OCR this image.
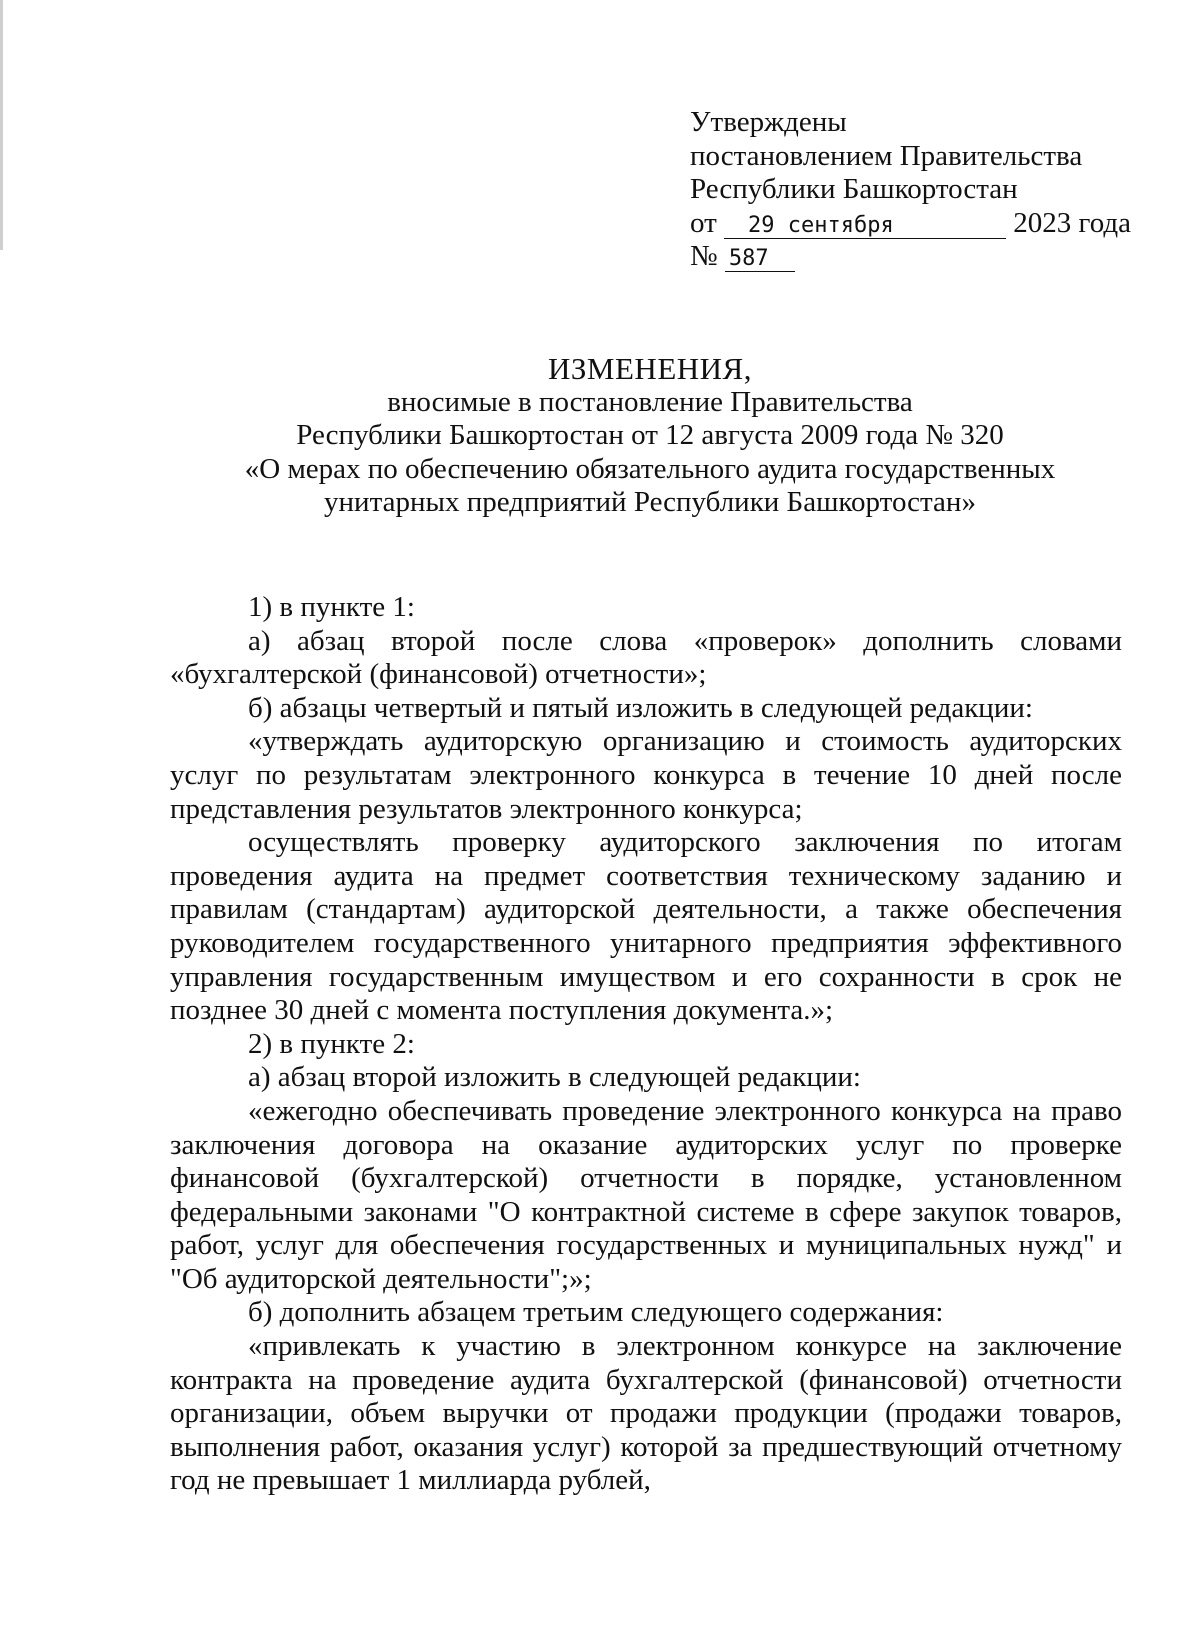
Утверждены
постановлением Правительства
Республики Башкортостан
от 29 сентября	2023 года
№ 587
ИЗМЕНЕНИЯ,
вносимые в постановление Правительства
Республики Башкортостан от 12 августа 2009 года № 320
«О мерах по обеспечению обязательного аудита государственных
унитарных предприятий Республики Башкортостан»

1) в пункте 1:

а) абзац второй после слова «проверок» дополнить словами «бухгалтерской (финансовой) отчетности»;

б) абзацы четвертый и пятый изложить в следующей редакции:

«утверждать аудиторскую организацию и стоимость аудиторских услуг по результатам электронного конкурса в течение 10 дней после представления результатов электронного конкурса;

осуществлять проверку аудиторского заключения по итогам проведения аудита на предмет соответствия техническому заданию и правилам (стандартам) аудиторской деятельности, а также обеспечения руководителем государственного унитарного предприятия эффективного управления государственным имуществом и его сохранности в срок не позднее 30 дней с момента поступления документа.»;

2) в пункте 2:

а) абзац второй изложить в следующей редакции:

«ежегодно обеспечивать проведение электронного конкурса на право заключения договора на оказание аудиторских услуг по проверке финансовой (бухгалтерской) отчетности в порядке, установленном федеральными законами "О контрактной системе в сфере закупок товаров, работ, услуг для обеспечения государственных и муниципальных нужд" и "Об аудиторской деятельности";»;

б) дополнить абзацем третьим следующего содержания:

«привлекать к участию в электронном конкурсе на заключение контракта на проведение аудита бухгалтерской (финансовой) отчетности организации, объем выручки от продажи продукции (продажи товаров, выполнения работ, оказания услуг) которой за предшествующий отчетному год не превышает 1 миллиарда рублей,
